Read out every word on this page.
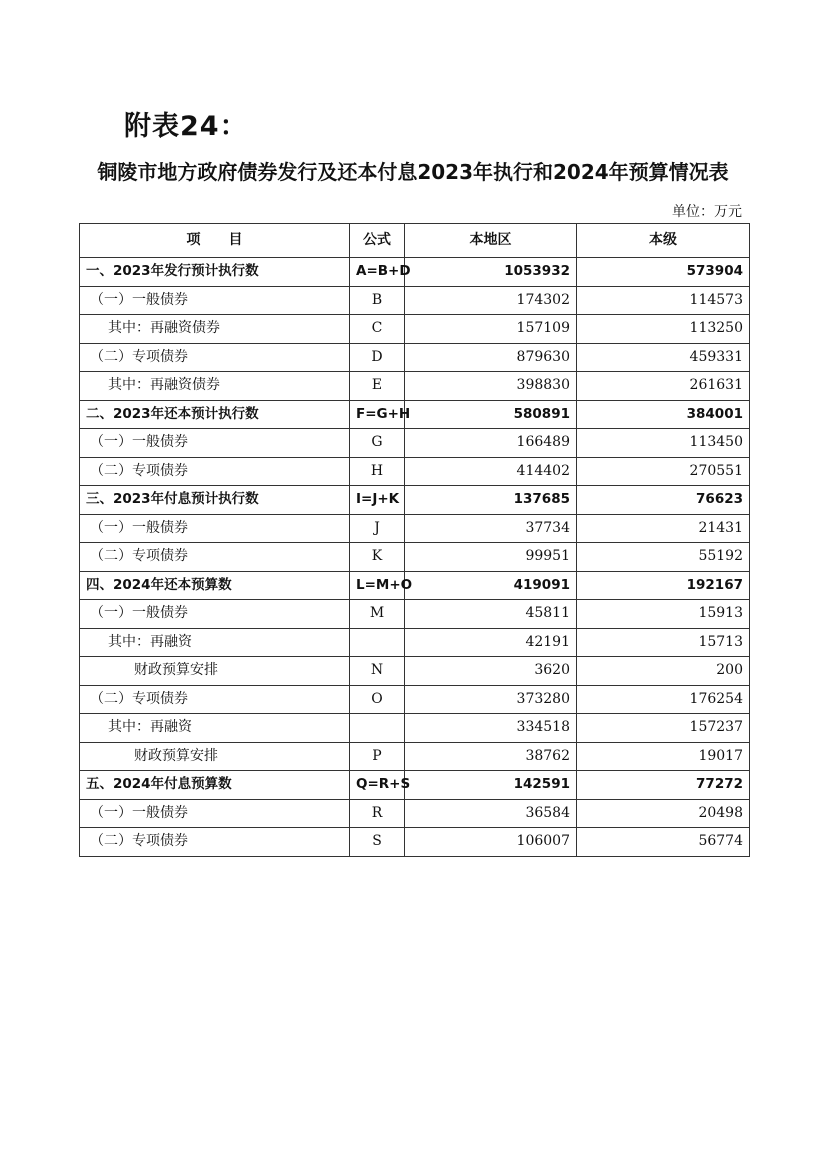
附表24：
铜陵市地方政府债券发行及还本付息2023年执行和2024年预算情况表
单位：万元
项　　目	公式	本地区	本级
一、2023年发行预计执行数	A=B+D	1053932	573904
（一）一般债券	B	174302	114573
其中：再融资债券	C	157109	113250
（二）专项债券	D	879630	459331
其中：再融资债券	E	398830	261631
二、2023年还本预计执行数	F=G+H	580891	384001
（一）一般债券	G	166489	113450
（二）专项债券	H	414402	270551
三、2023年付息预计执行数	I=J+K	137685	76623
（一）一般债券	J	37734	21431
（二）专项债券	K	99951	55192
四、2024年还本预算数	L=M+O	419091	192167
（一）一般债券	M	45811	15913
其中：再融资		42191	15713
财政预算安排	N	3620	200
（二）专项债券	O	373280	176254
其中：再融资		334518	157237
财政预算安排	P	38762	19017
五、2024年付息预算数	Q=R+S	142591	77272
（一）一般债券	R	36584	20498
（二）专项债券	S	106007	56774
